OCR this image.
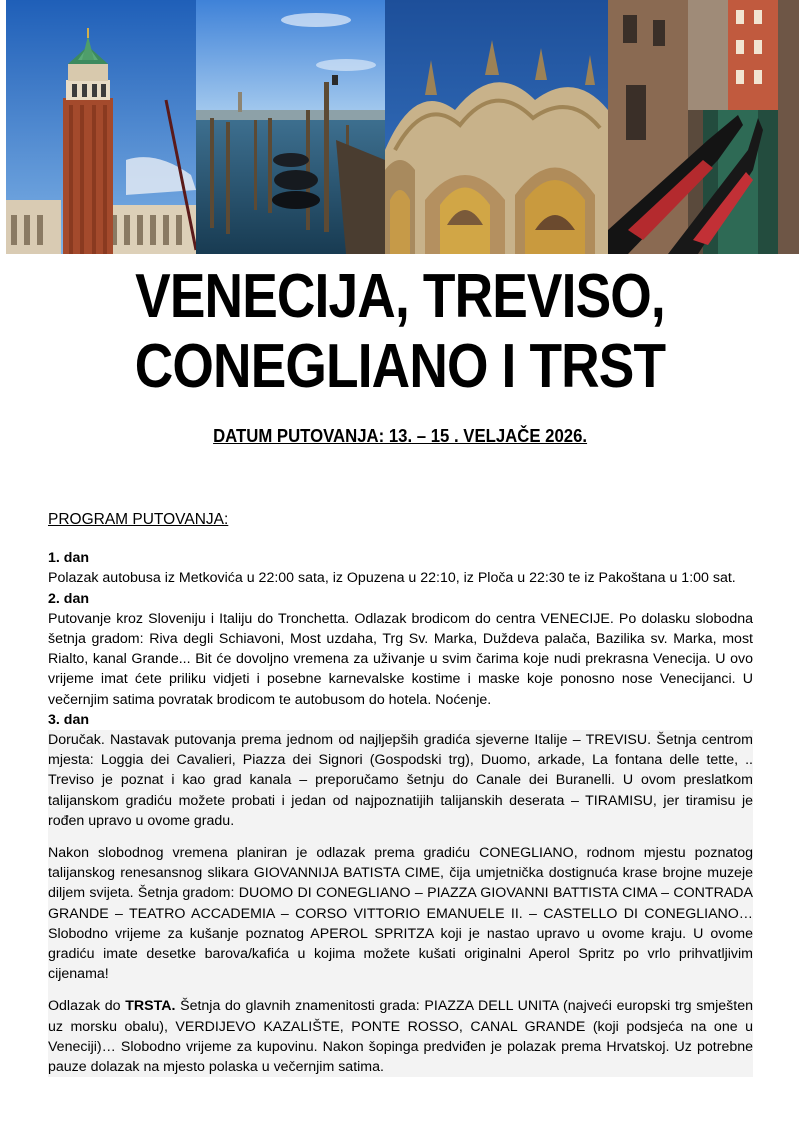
VENECIJA, TREVISO,
CONEGLIANO I TRST
DATUM PUTOVANJA: 13. – 15 . VELJAČE 2026.
PROGRAM PUTOVANJA:
1. dan

Polazak autobusa iz Metkovića u 22:00 sata, iz Opuzena u 22:10, iz Ploča u 22:30 te iz Pakoštana u 1:00 sat.

2. dan

Putovanje kroz Sloveniju i Italiju do Tronchetta. Odlazak brodicom do centra VENECIJE. Po dolasku slobodna šetnja gradom: Riva degli Schiavoni, Most uzdaha, Trg Sv. Marka, Duždeva palača, Bazilika sv. Marka, most Rialto, kanal Grande... Bit će dovoljno vremena za uživanje u svim čarima koje nudi prekrasna Venecija. U ovo vrijeme imat ćete priliku vidjeti i posebne karnevalske kostime i maske koje ponosno nose Venecijanci. U večernjim satima povratak brodicom te autobusom do hotela. Noćenje.

3. dan

Doručak. Nastavak putovanja prema jednom od najljepših gradića sjeverne Italije – TREVISU. Šetnja centrom mjesta: Loggia dei Cavalieri, Piazza dei Signori (Gospodski trg), Duomo, arkade, La fontana delle tette, .. Treviso je poznat i kao grad kanala – preporučamo šetnju do Canale dei Buranelli. U ovom preslatkom talijanskom gradiću možete probati i jedan od najpoznatijih talijanskih deserata – TIRAMISU, jer tiramisu je rođen upravo u ovome gradu.

Nakon slobodnog vremena planiran je odlazak prema gradiću CONEGLIANO, rodnom mjestu poznatog talijanskog renesansnog slikara GIOVANNIJA BATISTA CIME, čija umjetnička dostignuća krase brojne muzeje diljem svijeta. Šetnja gradom: DUOMO DI CONEGLIANO – PIAZZA GIOVANNI BATTISTA CIMA – CONTRADA GRANDE – TEATRO ACCADEMIA – CORSO VITTORIO EMANUELE II. – CASTELLO DI CONEGLIANO… Slobodno vrijeme za kušanje poznatog APEROL SPRITZA koji je nastao upravo u ovome kraju. U ovome gradiću imate desetke barova/kafića u kojima možete kušati originalni Aperol Spritz po vrlo prihvatljivim cijenama!

Odlazak do TRSTA. Šetnja do glavnih znamenitosti grada: PIAZZA DELL UNITA (najveći europski trg smješten uz morsku obalu), VERDIJEVO KAZALIŠTE, PONTE ROSSO, CANAL GRANDE (koji podsjeća na one u Veneciji)… Slobodno vrijeme za kupovinu. Nakon šopinga predviđen je polazak prema Hrvatskoj. Uz potrebne pauze dolazak na mjesto polaska u večernjim satima.
